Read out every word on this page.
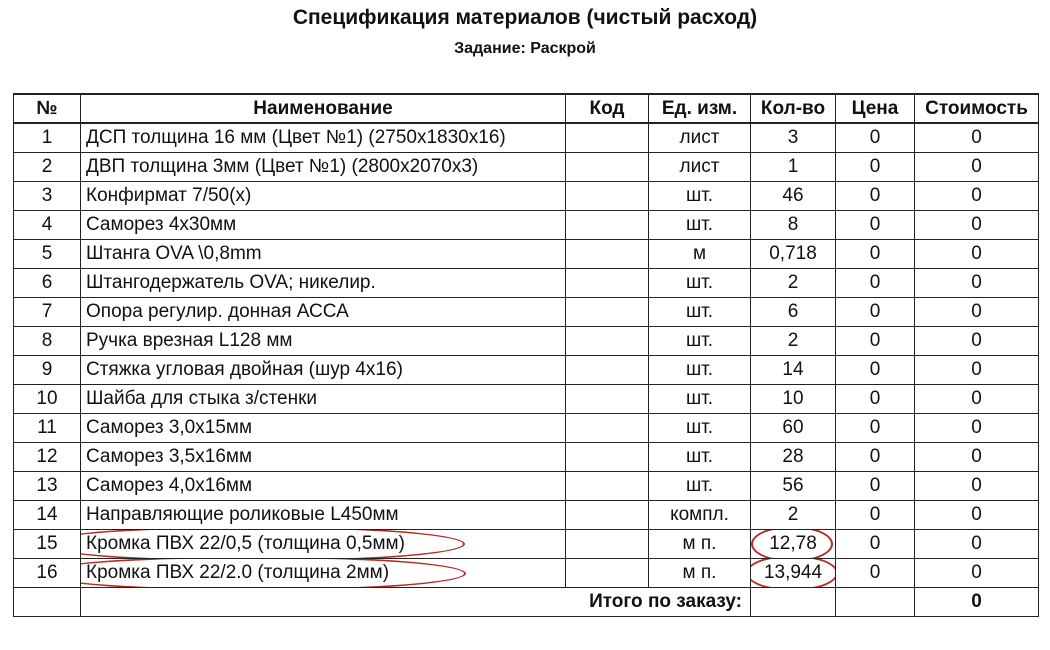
Спецификация материалов (чистый расход)
Задание: Раскрой
№	Наименование	Код	Ед. изм.	Кол-во	Цена	Стоимость
1	ДСП толщина 16 мм (Цвет №1) (2750x1830x16)		лист	3	0	0
2	ДВП толщина 3мм (Цвет №1) (2800x2070x3)		лист	1	0	0
3	Конфирмат 7/50(х)		шт.	46	0	0
4	Саморез 4х30мм		шт.	8	0	0
5	Штанга OVA \0,8mm		м	0,718	0	0
6	Штангодержатель OVA; никелир.		шт.	2	0	0
7	Опора регулир. донная АССА		шт.	6	0	0
8	Ручка врезная L128 мм		шт.	2	0	0
9	Стяжка угловая двойная (шур 4х16)		шт.	14	0	0
10	Шайба для стыка з/стенки		шт.	10	0	0
11	Саморез 3,0х15мм		шт.	60	0	0
12	Саморез 3,5х16мм		шт.	28	0	0
13	Саморез 4,0х16мм		шт.	56	0	0
14	Направляющие роликовые L450мм		компл.	2	0	0
15	Кромка ПВХ 22/0,5 (толщина 0,5мм)		м п.	12,78	0	0
16	Кромка ПВХ 22/2.0 (толщина 2мм)		м п.	13,944	0	0
	Итого по заказу:					0
